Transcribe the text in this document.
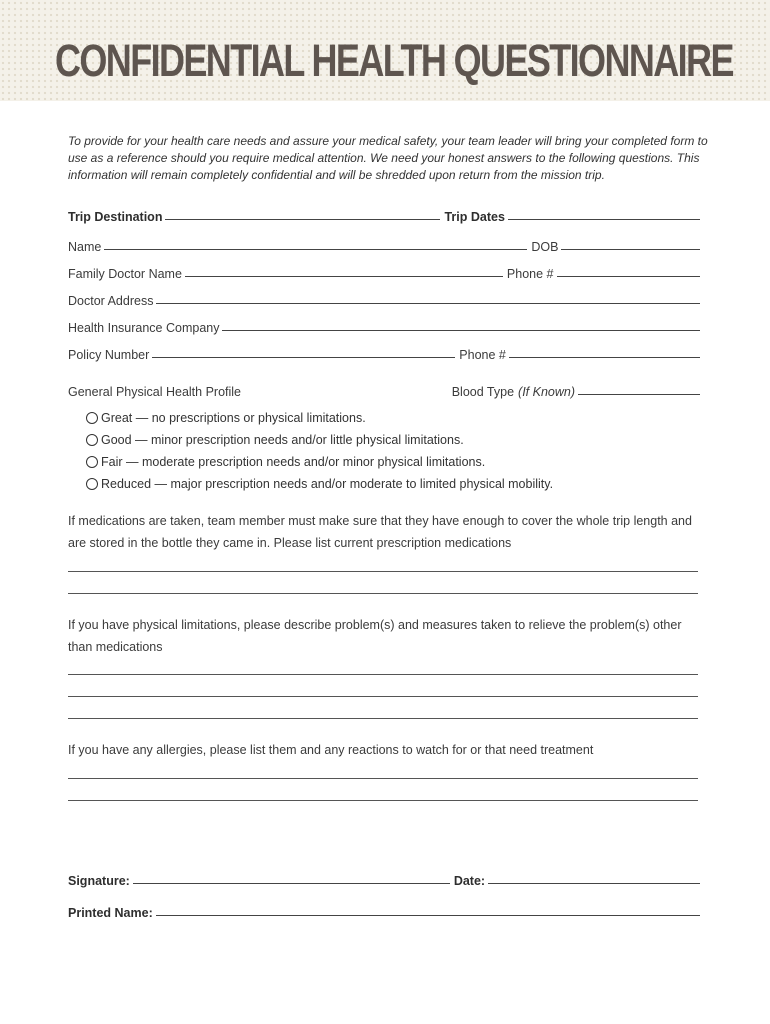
CONFIDENTIAL HEALTH QUESTIONNAIRE
To provide for your health care needs and assure your medical safety, your team leader will bring your completed form to use as a reference should you require medical attention. We need your honest answers to the following questions. This information will remain completely confidential and will be shredded upon return from the mission trip.
Trip Destination	Trip Dates
Name	DOB
Family Doctor Name	Phone #
Doctor Address
Health Insurance Company
Policy Number	Phone #
General Physical Health Profile	Blood Type (If Known)
Great — no prescriptions or physical limitations.
Good — minor prescription needs and/or little physical limitations.
Fair — moderate prescription needs and/or minor physical limitations.
Reduced — major prescription needs and/or moderate to limited physical mobility.
If medications are taken, team member must make sure that they have enough to cover the whole trip length and are stored in the bottle they came in. Please list current prescription medications
If you have physical limitations, please describe problem(s) and measures taken to relieve the problem(s) other than medications
If you have any allergies, please list them and any reactions to watch for or that need treatment
Signature:	Date:
Printed Name:
